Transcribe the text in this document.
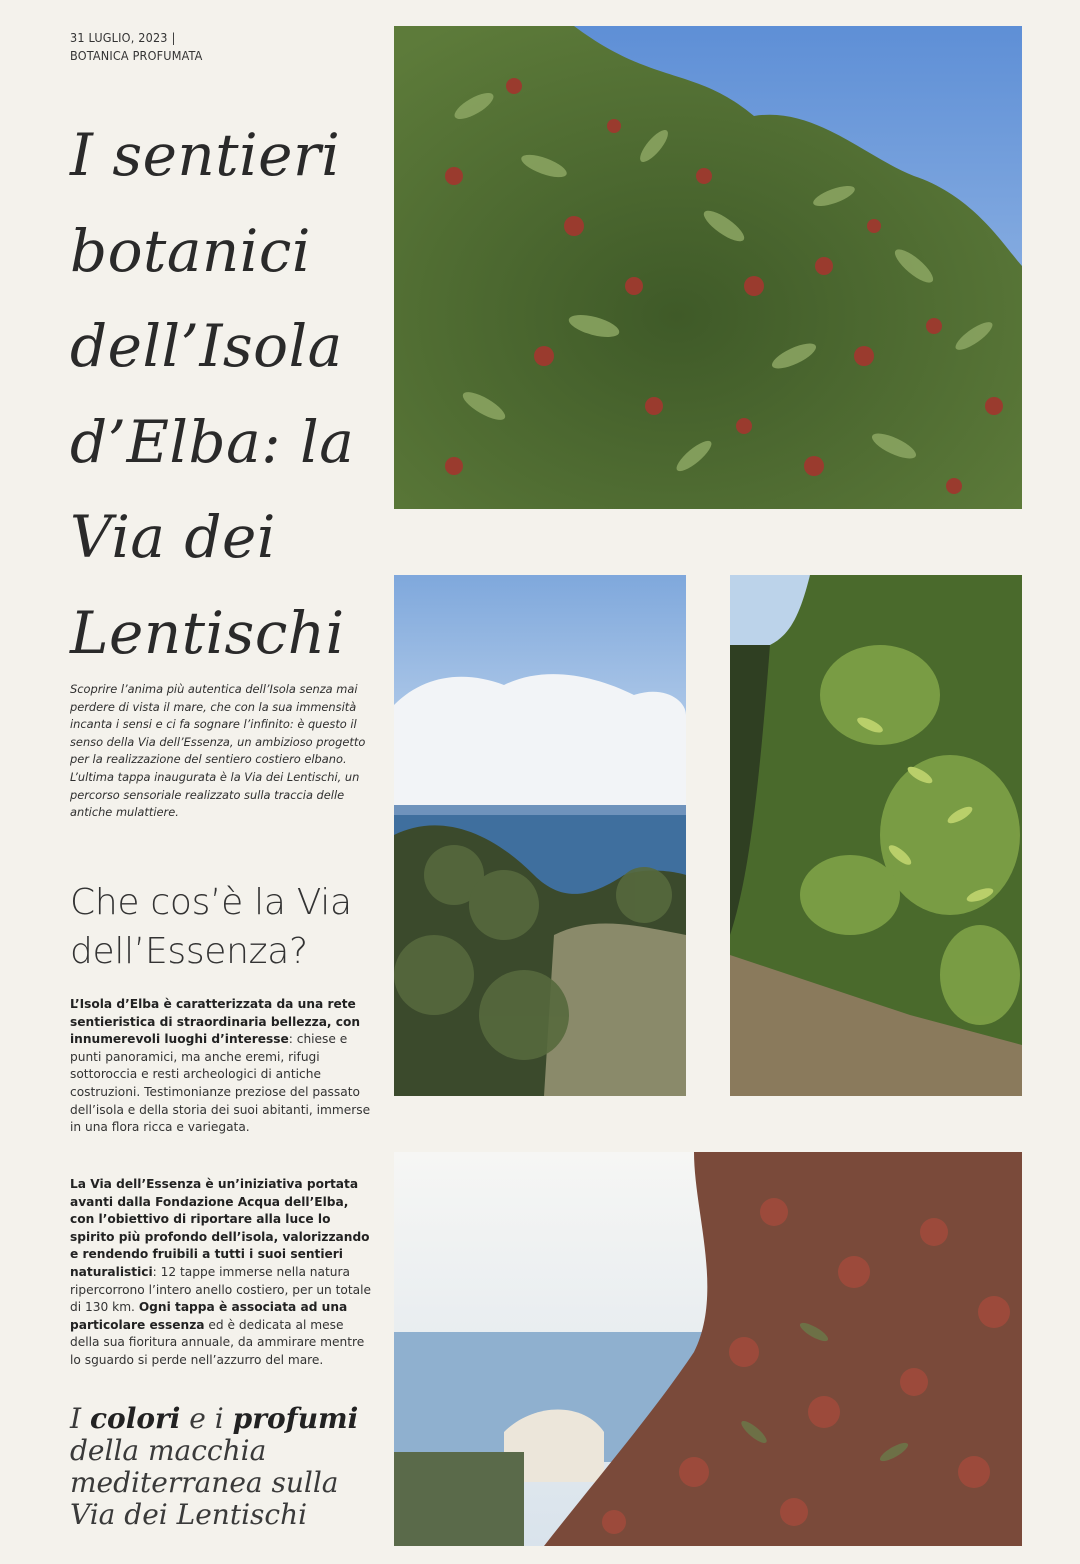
31 LUGLIO, 2023 |
BOTANICA PROFUMATA
I sentieri
botanici
dell’Isola
d’Elba: la
Via dei
Lentischi

Scoprire l’anima più autentica dell’Isola senza mai perdere di vista il mare, che con la sua immensità incanta i sensi e ci fa sognare l’infinito: è questo il senso della Via dell’Essenza, un ambizioso progetto per la realizzazione del sentiero costiero elbano. L’ultima tappa inaugurata è la Via dei Lentischi, un percorso sensoriale realizzato sulla traccia delle antiche mulattiere.

Che cos’è la Via
dell’Essenza?

L’Isola d’Elba è caratterizzata da una rete sentieristica di straordinaria bellezza, con innumerevoli luoghi d’interesse: chiese e punti panoramici, ma anche eremi, rifugi sottoroccia e resti archeologici di antiche costruzioni. Testimonianze preziose del passato dell’isola e della storia dei suoi abitanti, immerse in una flora ricca e variegata.

La Via dell’Essenza è un’iniziativa portata avanti dalla Fondazione Acqua dell’Elba, con l’obiettivo di riportare alla luce lo spirito più profondo dell’isola, valorizzando e rendendo fruibili a tutti i suoi sentieri naturalistici: 12 tappe immerse nella natura ripercorrono l’intero anello costiero, per un totale di 130 km. Ogni tappa è associata ad una particolare essenza ed è dedicata al mese della sua fioritura annuale, da ammirare mentre lo sguardo si perde nell’azzurro del mare.

I colori e i profumi
della macchia
mediterranea sulla
Via dei Lentischi
